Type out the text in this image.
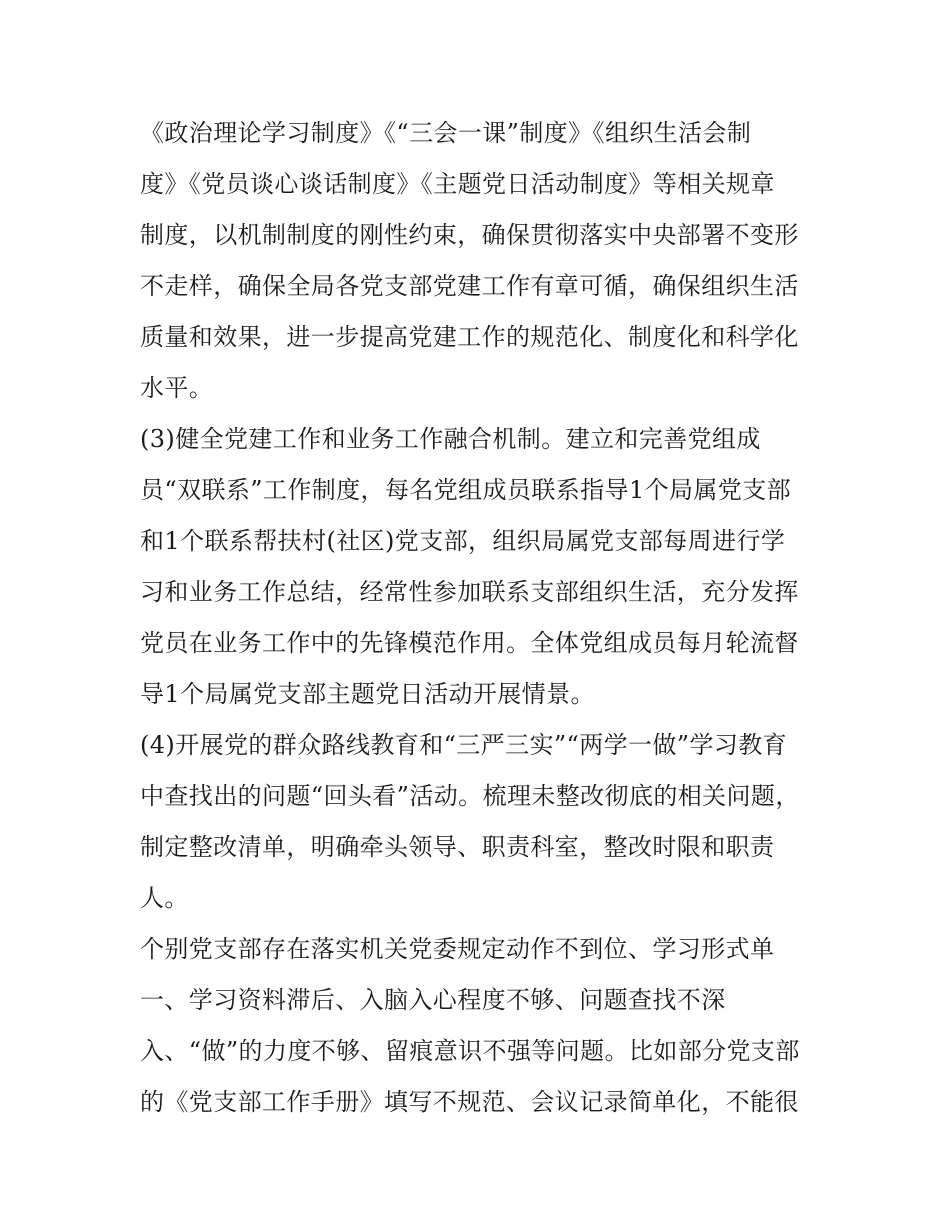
《政治理论学习制度》《“三会一课”制度》《组织生活会制
度》《党员谈心谈话制度》《主题党日活动制度》等相关规章
制度，以机制制度的刚性约束，确保贯彻落实中央部署不变形
不走样，确保全局各党支部党建工作有章可循，确保组织生活
质量和效果，进一步提高党建工作的规范化、制度化和科学化
水平。
(3)健全党建工作和业务工作融合机制。建立和完善党组成
员“双联系”工作制度，每名党组成员联系指导1个局属党支部
和1个联系帮扶村(社区)党支部，组织局属党支部每周进行学
习和业务工作总结，经常性参加联系支部组织生活，充分发挥
党员在业务工作中的先锋模范作用。全体党组成员每月轮流督
导1个局属党支部主题党日活动开展情景。
(4)开展党的群众路线教育和“三严三实”“两学一做”学习教育
中查找出的问题“回头看”活动。梳理未整改彻底的相关问题，
制定整改清单，明确牵头领导、职责科室，整改时限和职责
人。
个别党支部存在落实机关党委规定动作不到位、学习形式单
一、学习资料滞后、入脑入心程度不够、问题查找不深
入、“做”的力度不够、留痕意识不强等问题。比如部分党支部
的《党支部工作手册》填写不规范、会议记录简单化，不能很
